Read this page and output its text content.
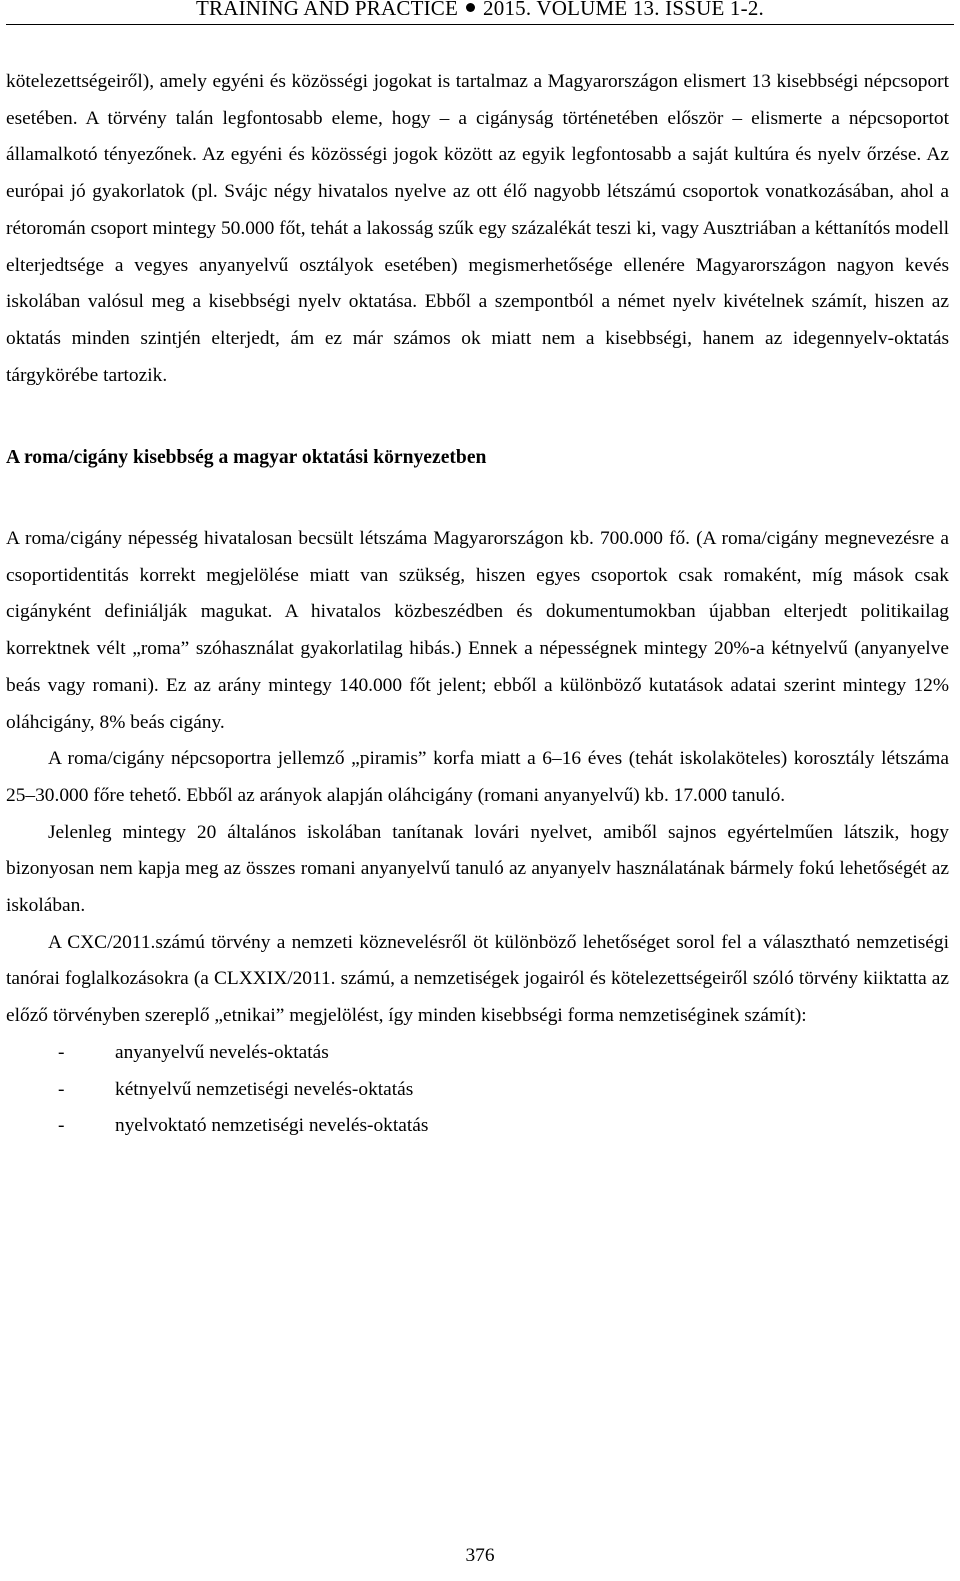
TRAINING AND PRACTICE 2015. VOLUME 13. ISSUE 1-2.

kötelezettségeiről), amely egyéni és közösségi jogokat is tartalmaz a Magyarországon elismert 13 kisebbségi népcsoport esetében. A törvény talán legfontosabb eleme, hogy – a cigányság történetében először – elismerte a népcsoportot államalkotó tényezőnek. Az egyéni és közösségi jogok között az egyik legfontosabb a saját kultúra és nyelv őrzése. Az európai jó gyakorlatok (pl. Svájc négy hivatalos nyelve az ott élő nagyobb létszámú csoportok vonatkozásában, ahol a rétoromán csoport mintegy 50.000 főt, tehát a lakosság szűk egy százalékát teszi ki, vagy Ausztriában a kéttanítós modell elterjedtsége a vegyes anyanyelvű osztályok esetében) megismerhetősége ellenére Magyarországon nagyon kevés iskolában valósul meg a kisebbségi nyelv oktatása. Ebből a szempontból a német nyelv kivételnek számít, hiszen az oktatás minden szintjén elterjedt, ám ez már számos ok miatt nem a kisebbségi, hanem az idegennyelv-oktatás tárgykörébe tartozik.

A roma/cigány kisebbség a magyar oktatási környezetben

A roma/cigány népesség hivatalosan becsült létszáma Magyarországon kb. 700.000 fő. (A roma/cigány megnevezésre a csoportidentitás korrekt megjelölése miatt van szükség, hiszen egyes csoportok csak romaként, míg mások csak cigányként definiálják magukat. A hivatalos közbeszédben és dokumentumokban újabban elterjedt politikailag korrektnek vélt „roma” szóhasználat gyakorlatilag hibás.) Ennek a népességnek mintegy 20%-a kétnyelvű (anyanyelve beás vagy romani). Ez az arány mintegy 140.000 főt jelent; ebből a különböző kutatások adatai szerint mintegy 12% oláhcigány, 8% beás cigány.

A roma/cigány népcsoportra jellemző „piramis” korfa miatt a 6–16 éves (tehát iskolaköteles) korosztály létszáma 25–30.000 főre tehető. Ebből az arányok alapján oláhcigány (romani anyanyelvű) kb. 17.000 tanuló.

Jelenleg mintegy 20 általános iskolában tanítanak lovári nyelvet, amiből sajnos egyértelműen látszik, hogy bizonyosan nem kapja meg az összes romani anyanyelvű tanuló az anyanyelv használatának bármely fokú lehetőségét az iskolában.

A CXC/2011.számú törvény a nemzeti köznevelésről öt különböző lehetőséget sorol fel a választható nemzetiségi tanórai foglalkozásokra (a CLXXIX/2011. számú, a nemzetiségek jogairól és kötelezettségeiről szóló törvény kiiktatta az előző törvényben szereplő „etnikai” megjelölést, így minden kisebbségi forma nemzetiséginek számít):

-	anyanyelvű nevelés-oktatás
-	kétnyelvű nemzetiségi nevelés-oktatás
-	nyelvoktató nemzetiségi nevelés-oktatás
376
